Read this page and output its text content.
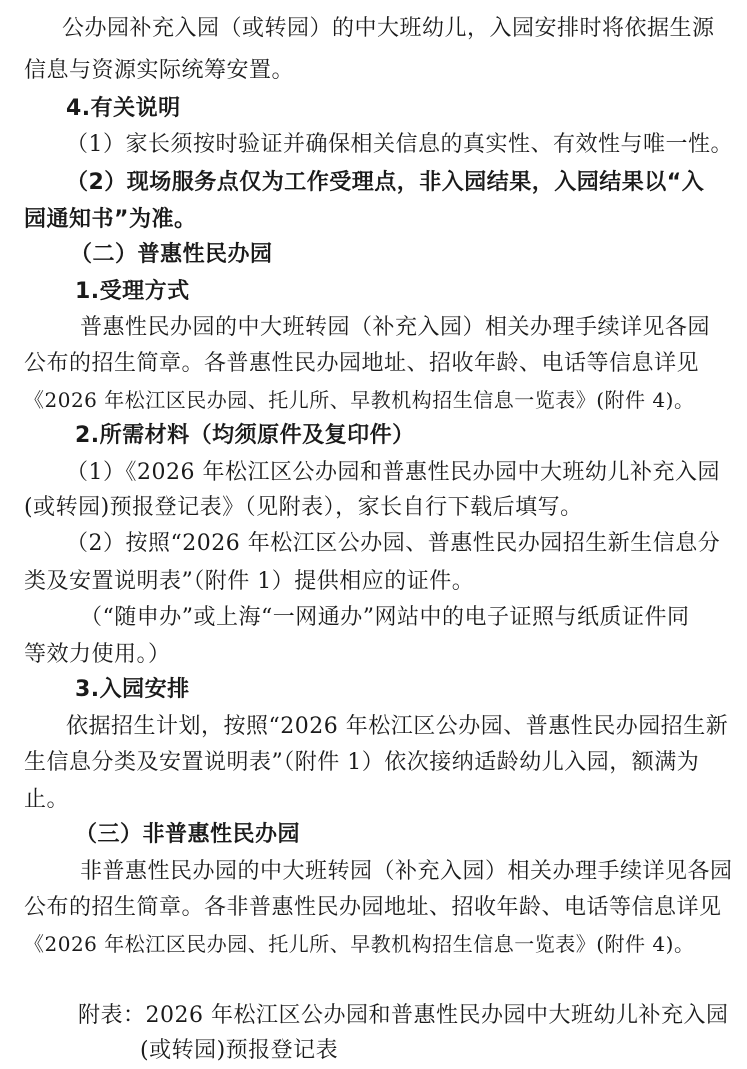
公办园补充入园（或转园）的中大班幼儿，入园安排时将依据生源
信息与资源实际统筹安置。
4.有关说明
（1）家长须按时验证并确保相关信息的真实性、有效性与唯一性。
（2）现场服务点仅为工作受理点，非入园结果，入园结果以“入
园通知书”为准。
（二）普惠性民办园
1.受理方式
普惠性民办园的中大班转园（补充入园）相关办理手续详见各园
公布的招生简章。各普惠性民办园地址、招收年龄、电话等信息详见
《2026 年松江区民办园、托儿所、早教机构招生信息一览表》(附件 4)。
2.所需材料（均须原件及复印件）
（1）《2026 年松江区公办园和普惠性民办园中大班幼儿补充入园
(或转园)预报登记表》（见附表），家长自行下载后填写。
（2）按照“2026 年松江区公办园、普惠性民办园招生新生信息分
类及安置说明表”（附件 1）提供相应的证件。
（“随申办”或上海“一网通办”网站中的电子证照与纸质证件同
等效力使用。）
3.入园安排
依据招生计划，按照“2026 年松江区公办园、普惠性民办园招生新
生信息分类及安置说明表”（附件 1）依次接纳适龄幼儿入园，额满为
止。
（三）非普惠性民办园
非普惠性民办园的中大班转园（补充入园）相关办理手续详见各园
公布的招生简章。各非普惠性民办园地址、招收年龄、电话等信息详见
《2026 年松江区民办园、托儿所、早教机构招生信息一览表》(附件 4)。
附表：2026 年松江区公办园和普惠性民办园中大班幼儿补充入园
(或转园)预报登记表
